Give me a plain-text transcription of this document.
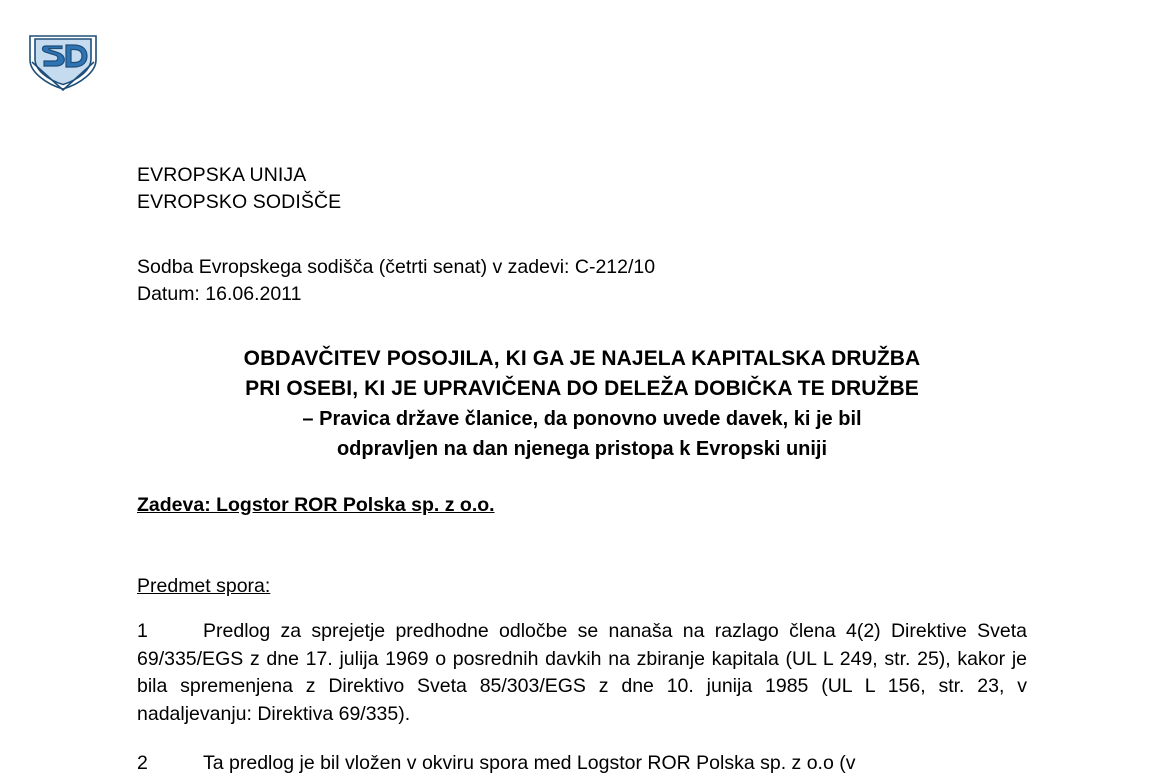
EVROPSKA UNIJA
EVROPSKO SODIŠČE
Sodba Evropskega sodišča (četrti senat) v zadevi: C-212/10
Datum: 16.06.2011
OBDAVČITEV POSOJILA, KI GA JE NAJELA KAPITALSKA DRUŽBA
PRI OSEBI, KI JE UPRAVIČENA DO DELEŽA DOBIČKA TE DRUŽBE
– Pravica države članice, da ponovno uvede davek, ki je bil
odpravljen na dan njenega pristopa k Evropski uniji
Zadeva: Logstor ROR Polska sp. z o.o.
Predmet spora:
1	Predlog za sprejetje predhodne odločbe se nanaša na razlago člena 4(2) Direktive Sveta 69/335/EGS z dne 17. julija 1969 o posrednih davkih na zbiranje kapitala (UL L 249, str. 25), kakor je bila spremenjena z Direktivo Sveta 85/303/EGS z dne 10. junija 1985 (UL L 156, str. 23, v nadaljevanju: Direktiva 69/335).
2	Ta predlog je bil vložen v okviru spora med Logstor ROR Polska sp. z o.o (v
